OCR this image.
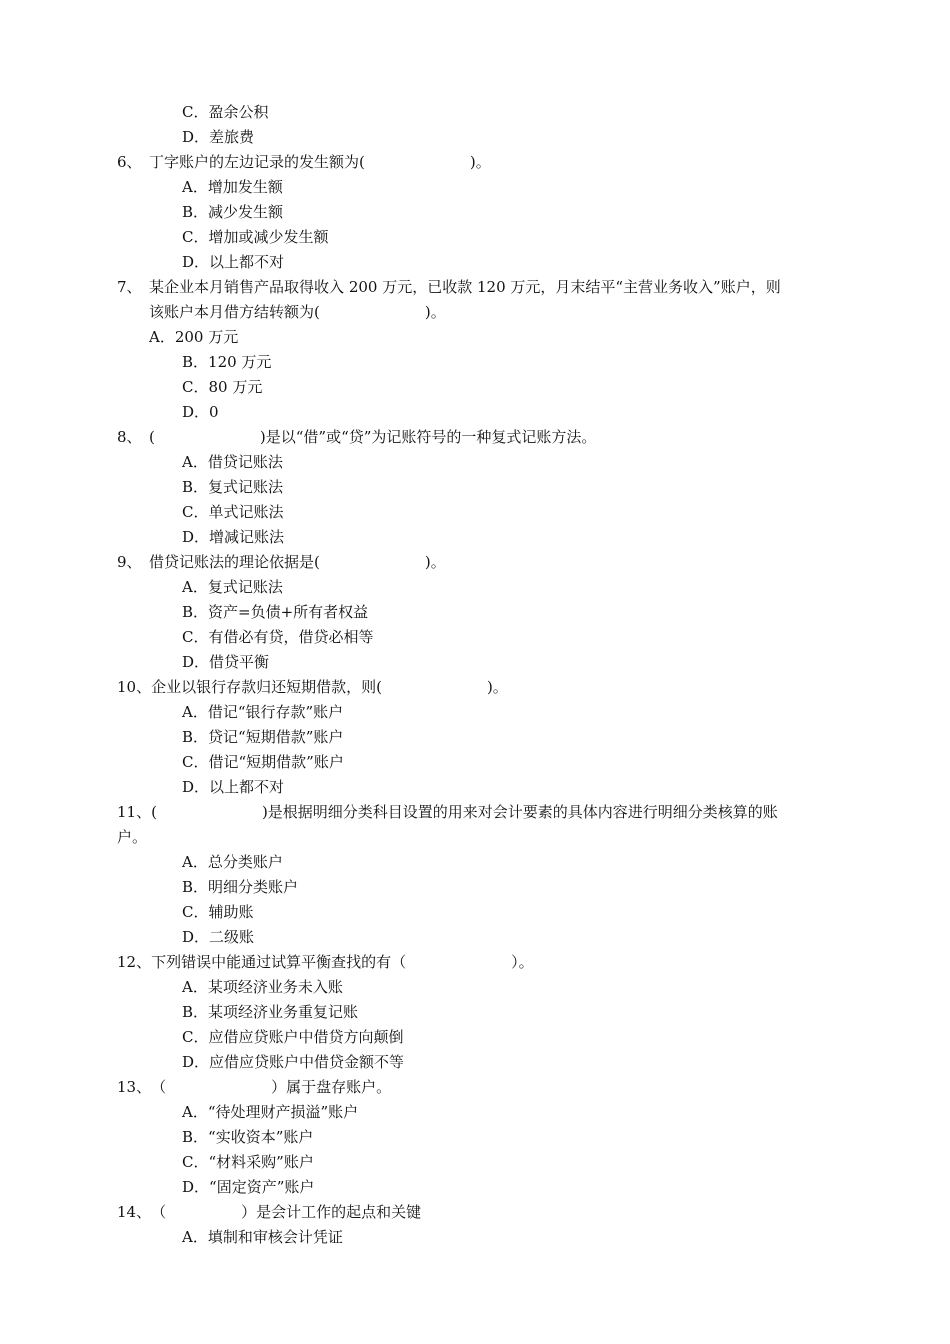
C．盈余公积
D．差旅费
6、　丁字账户的左边记录的发生额为(　　　　　　　)。
A．增加发生额
B．减少发生额
C．增加或减少发生额
D．以上都不对
7、　某企业本月销售产品取得收入 200 万元，已收款 120 万元，月末结平“主营业务收入”账户，则
该账户本月借方结转额为(　　　　　　　)。
A．200 万元
B．120 万元
C．80 万元
D．0
8、　(　　　　　　　)是以“借”或“贷”为记账符号的一种复式记账方法。
A．借贷记账法
B．复式记账法
C．单式记账法
D．增减记账法
9、　借贷记账法的理论依据是(　　　　　　　)。
A．复式记账法
B．资产=负债+所有者权益
C．有借必有贷，借贷必相等
D．借贷平衡
10、企业以银行存款归还短期借款，则(　　　　　　　)。
A．借记“银行存款”账户
B．贷记“短期借款”账户
C．借记“短期借款”账户
D．以上都不对
11、(　　　　　　　)是根据明细分类科目设置的用来对会计要素的具体内容进行明细分类核算的账
户。
A．总分类账户
B．明细分类账户
C．辅助账
D．二级账
12、下列错误中能通过试算平衡查找的有（　　　　　　　）。
A．某项经济业务未入账
B．某项经济业务重复记账
C．应借应贷账户中借贷方向颠倒
D．应借应贷账户中借贷金额不等
13、　（　　　　　　　）属于盘存账户。
A．“待处理财产损溢”账户
B．“实收资本”账户
C．“材料采购”账户
D．“固定资产”账户
14、　（　　　　　）是会计工作的起点和关键
A．填制和审核会计凭证
